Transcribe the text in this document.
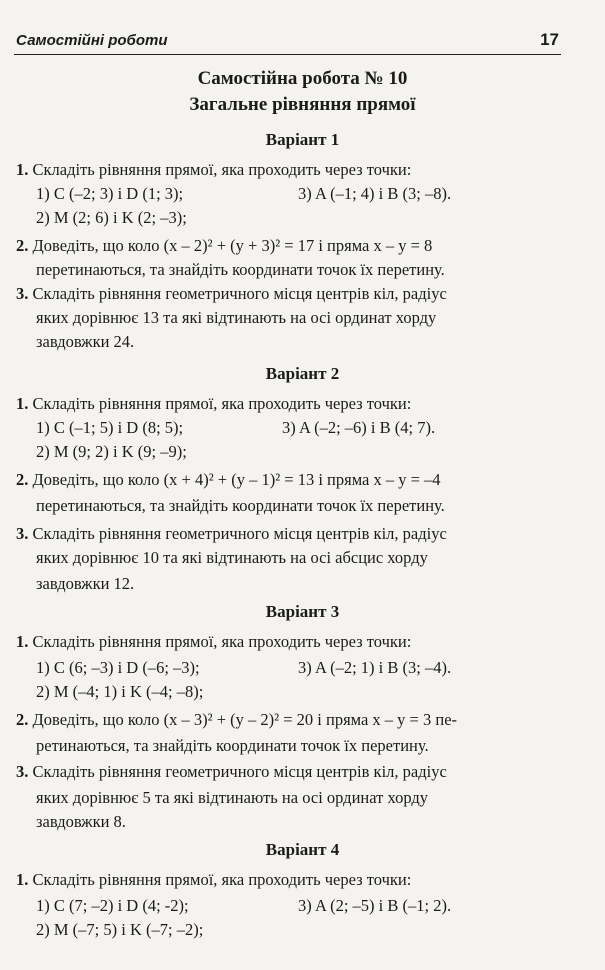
Самостійні роботи	17
Самостійна робота № 10
Загальне рівняння прямої
Варіант 1
1. Складіть рівняння прямої, яка проходить через точки:
1) C (–2; 3) і D (1; 3);	3) A (–1; 4) і B (3; –8).
2) M (2; 6) і K (2; –3);
2. Доведіть, що коло (x – 2)² + (y + 3)² = 17 і пряма x – y = 8
перетинаються, та знайдіть координати точок їх перетину.
3. Складіть рівняння геометричного місця центрів кіл, радіус
яких дорівнює 13 та які відтинають на осі ординат хорду
завдовжки 24.
Варіант 2
1. Складіть рівняння прямої, яка проходить через точки:
1) C (–1; 5) і D (8; 5);	3) A (–2; –6) і B (4; 7).
2) M (9; 2) і K (9; –9);
2. Доведіть, що коло (x + 4)² + (y – 1)² = 13 і пряма x – y = –4
перетинаються, та знайдіть координати точок їх перетину.
3. Складіть рівняння геометричного місця центрів кіл, радіус
яких дорівнює 10 та які відтинають на осі абсцис хорду
завдовжки 12.
Варіант 3
1. Складіть рівняння прямої, яка проходить через точки:
1) C (6; –3) і D (–6; –3);	3) A (–2; 1) і B (3; –4).
2) M (–4; 1) і K (–4; –8);
2. Доведіть, що коло (x – 3)² + (y – 2)² = 20 і пряма x – y = 3 пе-
ретинаються, та знайдіть координати точок їх перетину.
3. Складіть рівняння геометричного місця центрів кіл, радіус
яких дорівнює 5 та які відтинають на осі ординат хорду
завдовжки 8.
Варіант 4
1. Складіть рівняння прямої, яка проходить через точки:
1) C (7; –2) і D (4; -2);	3) A (2; –5) і B (–1; 2).
2) M (–7; 5) і K (–7; –2);
